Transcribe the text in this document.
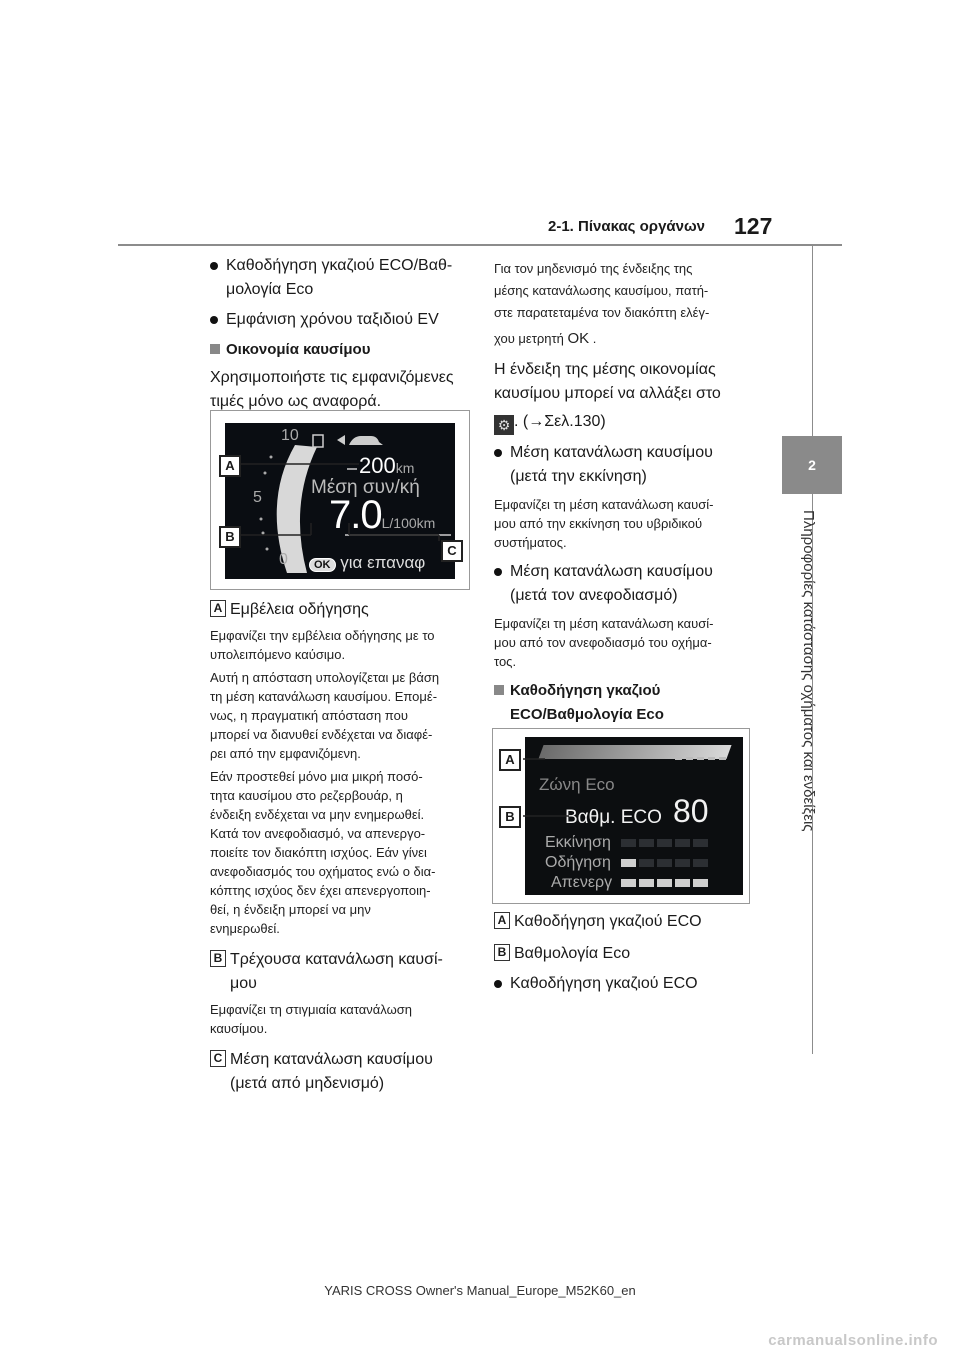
2-1. Πίνακας οργάνων 127
2
Πληροφορίες κατάστασης οχήματος και ενδείξεις
Καθοδήγηση γκαζιού ECO/Βαθ-
μολογία Eco
Εμφάνιση χρόνου ταξιδιού EV
Οικονομία καυσίμου
Χρησιμοποιήστε τις εμφανιζόμενες
τιμές μόνο ως αναφορά.
10
5
0
200km
Μέση συν/κή
7.0L/100km
OK για επαναφ
A
B
C
A Εμβέλεια οδήγησης
Εμφανίζει την εμβέλεια οδήγησης με το
υπολειπόμενο καύσιμο.
Αυτή η απόσταση υπολογίζεται με βάση
τη μέση κατανάλωση καυσίμου. Επομέ-
νως, η πραγματική απόσταση που
μπορεί να διανυθεί ενδέχεται να διαφέ-
ρει από την εμφανιζόμενη.
Εάν προστεθεί μόνο μια μικρή ποσό-
τητα καυσίμου στο ρεζερβουάρ, η
ένδειξη ενδέχεται να μην ενημερωθεί.
Κατά τον ανεφοδιασμό, να απενεργο-
ποιείτε τον διακόπτη ισχύος. Εάν γίνει
ανεφοδιασμός του οχήματος ενώ ο δια-
κόπτης ισχύος δεν έχει απενεργοποιη-
θεί, η ένδειξη μπορεί να μην
ενημερωθεί.
B Τρέχουσα κατανάλωση καυσί-
μου
Εμφανίζει τη στιγμιαία κατανάλωση
καυσίμου.
C Μέση κατανάλωση καυσίμου
(μετά από μηδενισμό)
Για τον μηδενισμό της ένδειξης της
μέσης κατανάλωσης καυσίμου, πατή-
στε παρατεταμένα τον διακόπτη ελέγ-
χου μετρητή OK .
Η ένδειξη της μέσης οικονομίας
καυσίμου μπορεί να αλλάξει στο
⚙ . (→Σελ.130)
Μέση κατανάλωση καυσίμου
(μετά την εκκίνηση)
Εμφανίζει τη μέση κατανάλωση καυσί-
μου από την εκκίνηση του υβριδικού
συστήματος.
Μέση κατανάλωση καυσίμου
(μετά τον ανεφοδιασμό)
Εμφανίζει τη μέση κατανάλωση καυσί-
μου από τον ανεφοδιασμό του οχήμα-
τος.
Καθοδήγηση γκαζιού
ECO/Βαθμολογία Eco
Ζώνη Eco
Βαθμ. ECO 80
Εκκίνηση
Οδήγηση
Απενεργ
A
B
A Καθοδήγηση γκαζιού ECO
B Βαθμολογία Eco
Καθοδήγηση γκαζιού ECO
YARIS CROSS Owner's Manual_Europe_M52K60_en
carmanualsonline.info
